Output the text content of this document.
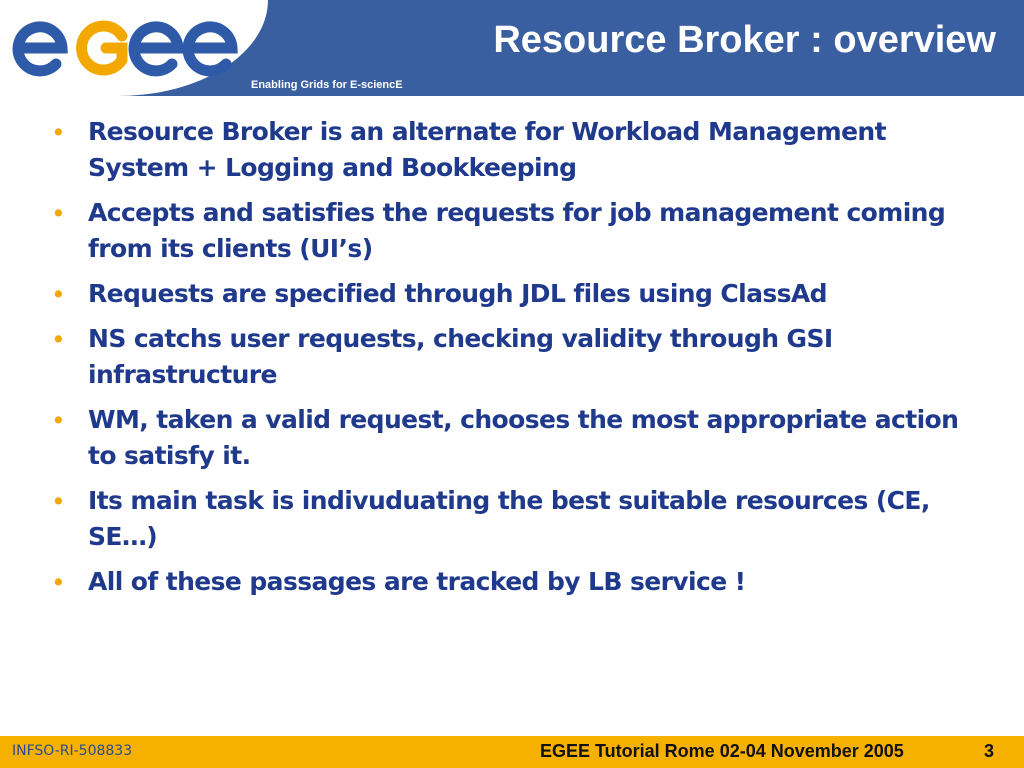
Enabling Grids for E-sciencE
Resource Broker : overview
• Resource Broker is an alternate for Workload Management System + Logging and Bookkeeping
• Accepts and satisfies the requests for job management coming from its clients (UI’s)
• Requests are specified through JDL files using ClassAd
• NS catchs user requests, checking validity through GSI infrastructure
• WM, taken a valid request, chooses the most appropriate action to satisfy it.
• Its main task is indivuduating the best suitable resources (CE, SE…)
• All of these passages are tracked by LB service !
INFSO-RI-508833	EGEE Tutorial Rome 02-04 November 2005	3
